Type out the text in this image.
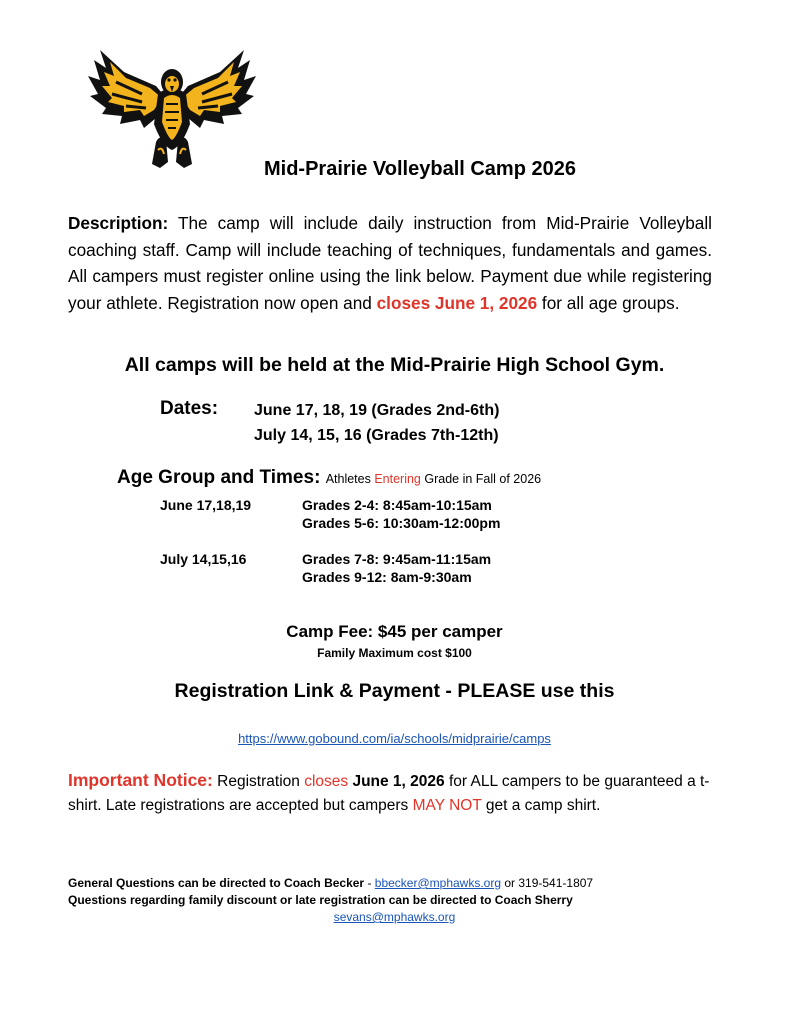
Mid-Prairie Volleyball Camp 2026
Description: The camp will include daily instruction from Mid-Prairie Volleyball coaching staff. Camp will include teaching of techniques, fundamentals and games. All campers must register online using the link below. Payment due while registering your athlete. Registration now open and closes June 1, 2026 for all age groups.
All camps will be held at the Mid-Prairie High School Gym.
Dates: June 17, 18, 19 (Grades 2nd-6th)
July 14, 15, 16 (Grades 7th-12th)
Age Group and Times: Athletes Entering Grade in Fall of 2026
June 17,18,19	Grades 2-4: 8:45am-10:15am
Grades 5-6: 10:30am-12:00pm
July 14,15,16	Grades 7-8: 9:45am-11:15am
Grades 9-12: 8am-9:30am
Camp Fee: $45 per camper
Family Maximum cost $100
Registration Link & Payment - PLEASE use this
https://www.gobound.com/ia/schools/midprairie/camps
Important Notice: Registration closes June 1, 2026 for ALL campers to be guaranteed a t-shirt. Late registrations are accepted but campers MAY NOT get a camp shirt.
General Questions can be directed to Coach Becker - bbecker@mphawks.org or 319-541-1807
Questions regarding family discount or late registration can be directed to Coach Sherry
sevans@mphawks.org
